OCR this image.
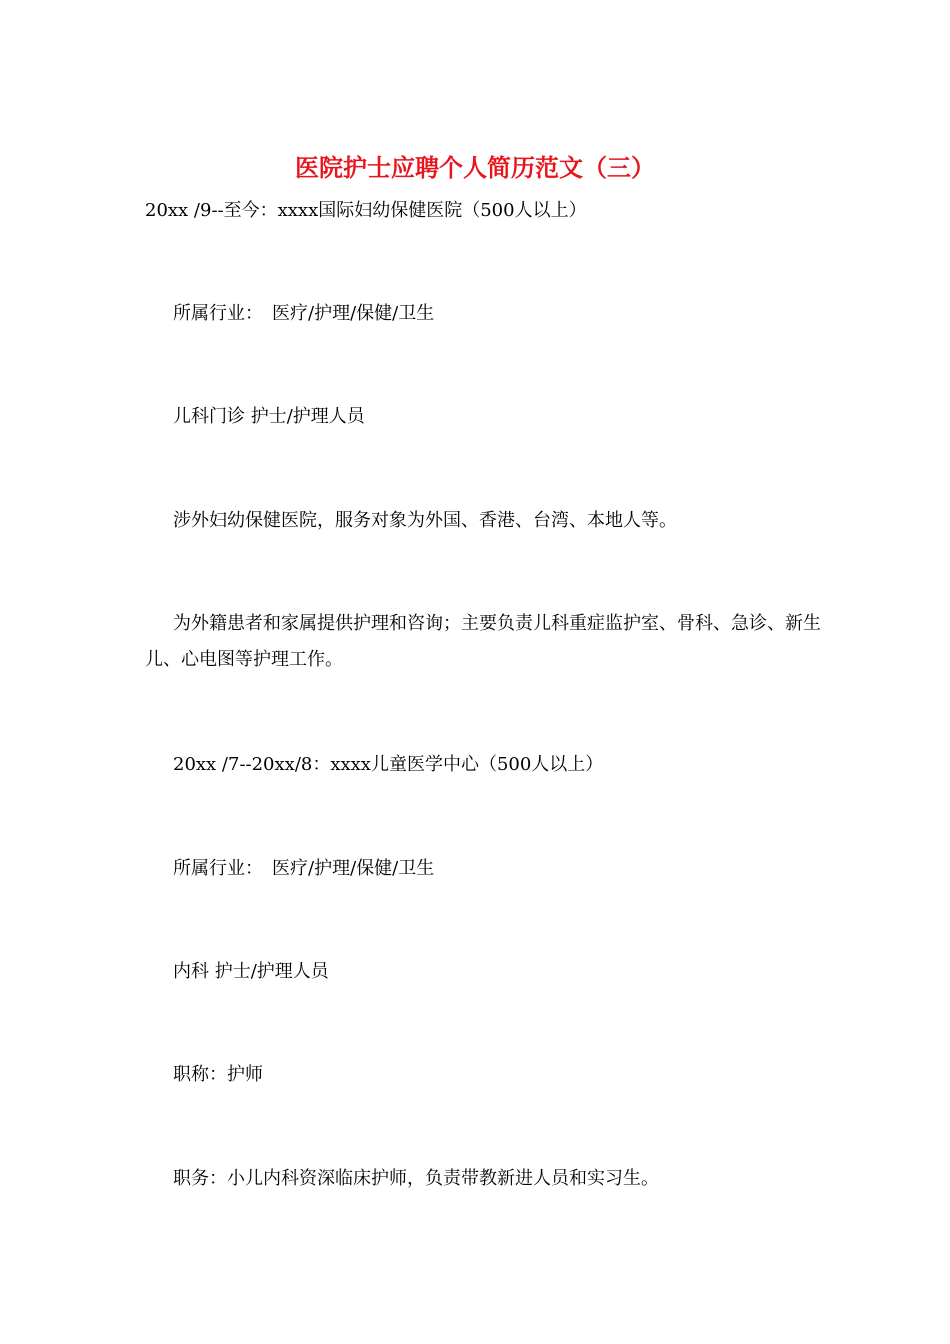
医院护士应聘个人简历范文（三）

20xx /9--至今：xxxx国际妇幼保健医院（500人以上）

所属行业：　医疗/护理/保健/卫生

儿科门诊 护士/护理人员

涉外妇幼保健医院，服务对象为外国、香港、台湾、本地人等。

为外籍患者和家属提供护理和咨询；主要负责儿科重症监护室、骨科、急诊、新生儿、心电图等护理工作。

20xx /7--20xx/8：xxxx儿童医学中心（500人以上）

所属行业：　医疗/护理/保健/卫生

内科 护士/护理人员

职称：护师

职务：小儿内科资深临床护师，负责带教新进人员和实习生。
